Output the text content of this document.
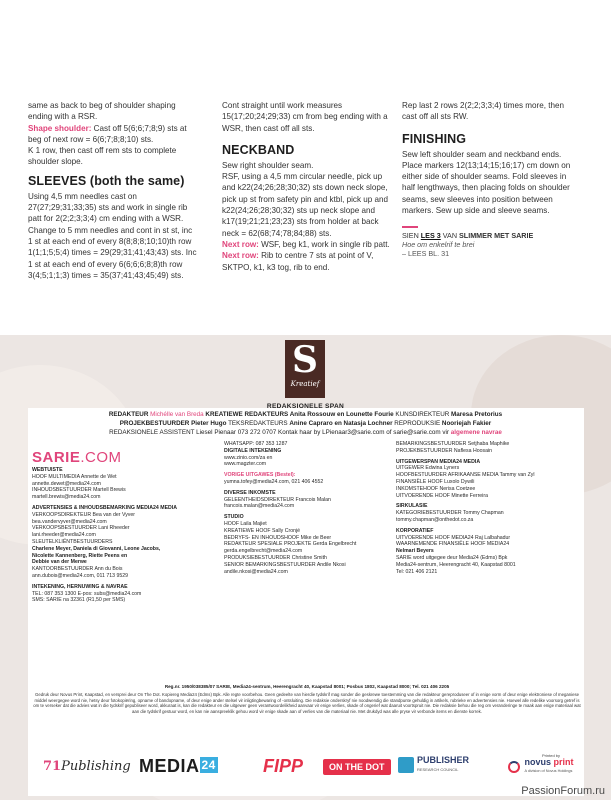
same as back to beg of shoulder shaping ending with a RSR.

Shape shoulder: Cast off 5(6;6;7;8;9) sts at beg of next row = 6(6;7;8;8;10) sts.

K 1 row, then cast off rem sts to complete shoulder slope.

SLEEVES (both the same)

Using 4,5 mm needles cast on 27(27;29;31;33;35) sts and work in single rib patt for 2(2;2;3;3;4) cm ending with a WSR.

Change to 5 mm needles and cont in st st, inc 1 st at each end of every 8(8;8;8;10;10)th row 1(1;1;5;5;4) times = 29(29;31;41;43;43) sts. Inc 1 st at each end of every 6(6;6;6;8;8)th row 3(4;5;1;1;3) times = 35(37;41;43;45;49) sts.

Cont straight until work measures 15(17;20;24;29;33) cm from beg ending with a WSR, then cast off all sts.

NECKBAND

Sew right shoulder seam.

RSF, using a 4,5 mm circular needle, pick up and k22(24;26;28;30;32) sts down neck slope, pick up st from safety pin and ktbl, pick up and k22(24;26;28;30;32) sts up neck slope and k17(19;21;21;23;23) sts from holder at back neck = 62(68;74;78;84;88) sts.

Next row: WSF, beg k1, work in single rib patt.

Next row: Rib to centre 7 sts at point of V, SKTPO, k1, k3 tog, rib to end.

Rep last 2 rows 2(2;2;3;3;4) times more, then cast off all sts RW.

FINISHING

Sew left shoulder seam and neckband ends. Place markers 12(13;14;15;16;17) cm down on either side of shoulder seams. Fold sleeves in half lengthways, then placing folds on shoulder seams, sew sleeves into position between markers. Sew up side and sleeve seams.

SIEN LES 3 VAN SLIMMER MET SARIE
Hoe om enkelrif te brei
– LEES BL. 31
S
Kreatief
REDAKSIONELE SPAN
REDAKTEUR Michélle van Breda KREATIEWE REDAKTEURS Anita Rossouw en Lounette Fourie KUNSDIREKTEUR Maresa Pretorius
PROJEKBESTUURDER Pieter Hugo TEKSREDAKTEURS Anine Capraro en Natasja Lochner REPRODUKSIE Nooriejah Fakier
REDAKSIONELE ASSISTENT Liesel Pienaar 073 272 0707 Kontak haar by LPienaar3@sarie.com of sarie@sarie.com vir algemene navrae
SARIE.COM
WEBTUISTE
HOOF MULTIMEDIA Annette de Wet
annette.dewet@media24.com
INHOUDSBESTUURDER Martell Brewis
martell.brewis@media24.com
ADVERTENSIES & INHOUDSBEMARKING MEDIA24 MEDIA
VERKOOPSDIREKTEUR Bea van der Vyver
bea.vandervyver@media24.com
VERKOOPSBESTUURDER Lani Rheeder
lani.rheeder@media24.com
SLEUTELKLIËNTBESTUURDERS
Charlene Meyer, Daniela di Giovanni, Leone Jacobs,
Nicolette Kannenberg, Riette Peens en
Debbie van der Merwe
KANTOORBESTUURDER Ann du Bois
ann.dubois@media24.com, 011 713 9529
INTEKENING, HERNUWING & NAVRAE
TEL: 087 353 1300 E-pos: subs@media24.com
SMS: SARIE na 32361 (R1,50 per SMS)
WHATSAPP: 087 353 1287
DIGITALE INTEKENING
www.zinio.com/za en
www.magzter.com
VORIGE UITGAWES (Bestel):
yumna.tofey@media24.com, 021 406 4552
DIVERSE INKOMSTE
GELEENTHEIDSDIREKTEUR Francois Malan
francois.malan@media24.com
STUDIO
HOOF Laila Majiet
KREATIEWE HOOF Sally Cronjé
BEDRYFS- EN INHOUDSHOOF Mike de Beer
REDAKTEUR SPESIALE PROJEKTE Gerda Engelbrecht
gerda.engelbrecht@media24.com
PRODUKSIEBESTUURDER Christine Smith
SENIOR BEMARKINGSBESTUURDER Andile Nkosi
andile.nkosi@media24.com
BEMARKINGSBESTUURDER Setjhaba Maphike
PROJEKBESTUURDER Naflesa Hoosain
UITGEWERSPAN MEDIA24 MEDIA
UITGEWER Edwina Lyners
HOOFBESTUURDER AFRIKAANSE MEDIA Tammy van Zyl
FINANSIËLE HOOF Luxolo Dywili
INKOMSTEHOOF Nerisa Coetzee
UITVOERENDE HOOF Minette Ferreira
SIRKULASIE
KATEGORIEBESTUURDER Tommy Chapman
tommy.chapman@onthedot.co.za
KORPORATIEF
UITVOERENDE HOOF MEDIA24 Raj Lalbahadur
WAARNEMENDE FINANSIËLE HOOF MEDIA24
Nelmari Beyers
SARIE word uitgegee deur Media24 (Edms) Bpk
Media24-sentrum, Heerengracht 40, Kaapstad 8001
Tel: 021 406 2121
Reg.nr. 1950/038385/07 SARIE, Media24-sentrum, Heerengracht 40, Kaapstad 8001; Posbus 1802, Kaapstad 8000; Tel. 021 406 2205
Gedruk deur Novus Print, Kaapstad, en versprei deur On The Dot. Kopiereg Media24 (Edms) Bpk. Alle regte voorbehou. Geen gedeelte van hierdie tydskrif mag sonder die geskrewe toestemming van die redakteur gereproduseer of in enige vorm of deur enige elektroniese of meganiese middel weergegee word nie, hetsy deur fotokopiëring, opname of bandopname, of deur enige ander stelsel vir inligtingbewaring of -ontsluiting. Die redaksie onderskryf nie noodwendig die standpunte gehuldig in artikels, rubrieke en advertensies nie. Hoewel alle redelike voorsorg getref is om te verseker dat die advies wat in die tydskrif gepubliseer word, akkuraat is, kan die redakteur en die uitgewer geen verantwoordelikheid aanvaar vir enige verlies, skade of ongerief wat daaruit voortspruit nie. Die redaksie behou die reg om veranderinge te maak aan enige materiaal wat aan die tydskrif gestuur word, en kan nie aanspreeklik gehou word vir enige skade aan of verlies van die materiaal nie. Met drukdyd was alle pryse vir verbonde items en dienste korrek.
71Publishing MEDIA 24	FIPP	ON THE DOT
PUBLISHER
RESEARCH COUNCIL
Printed by
novus print
A division of Novus Holdings
PassionForum.ru
